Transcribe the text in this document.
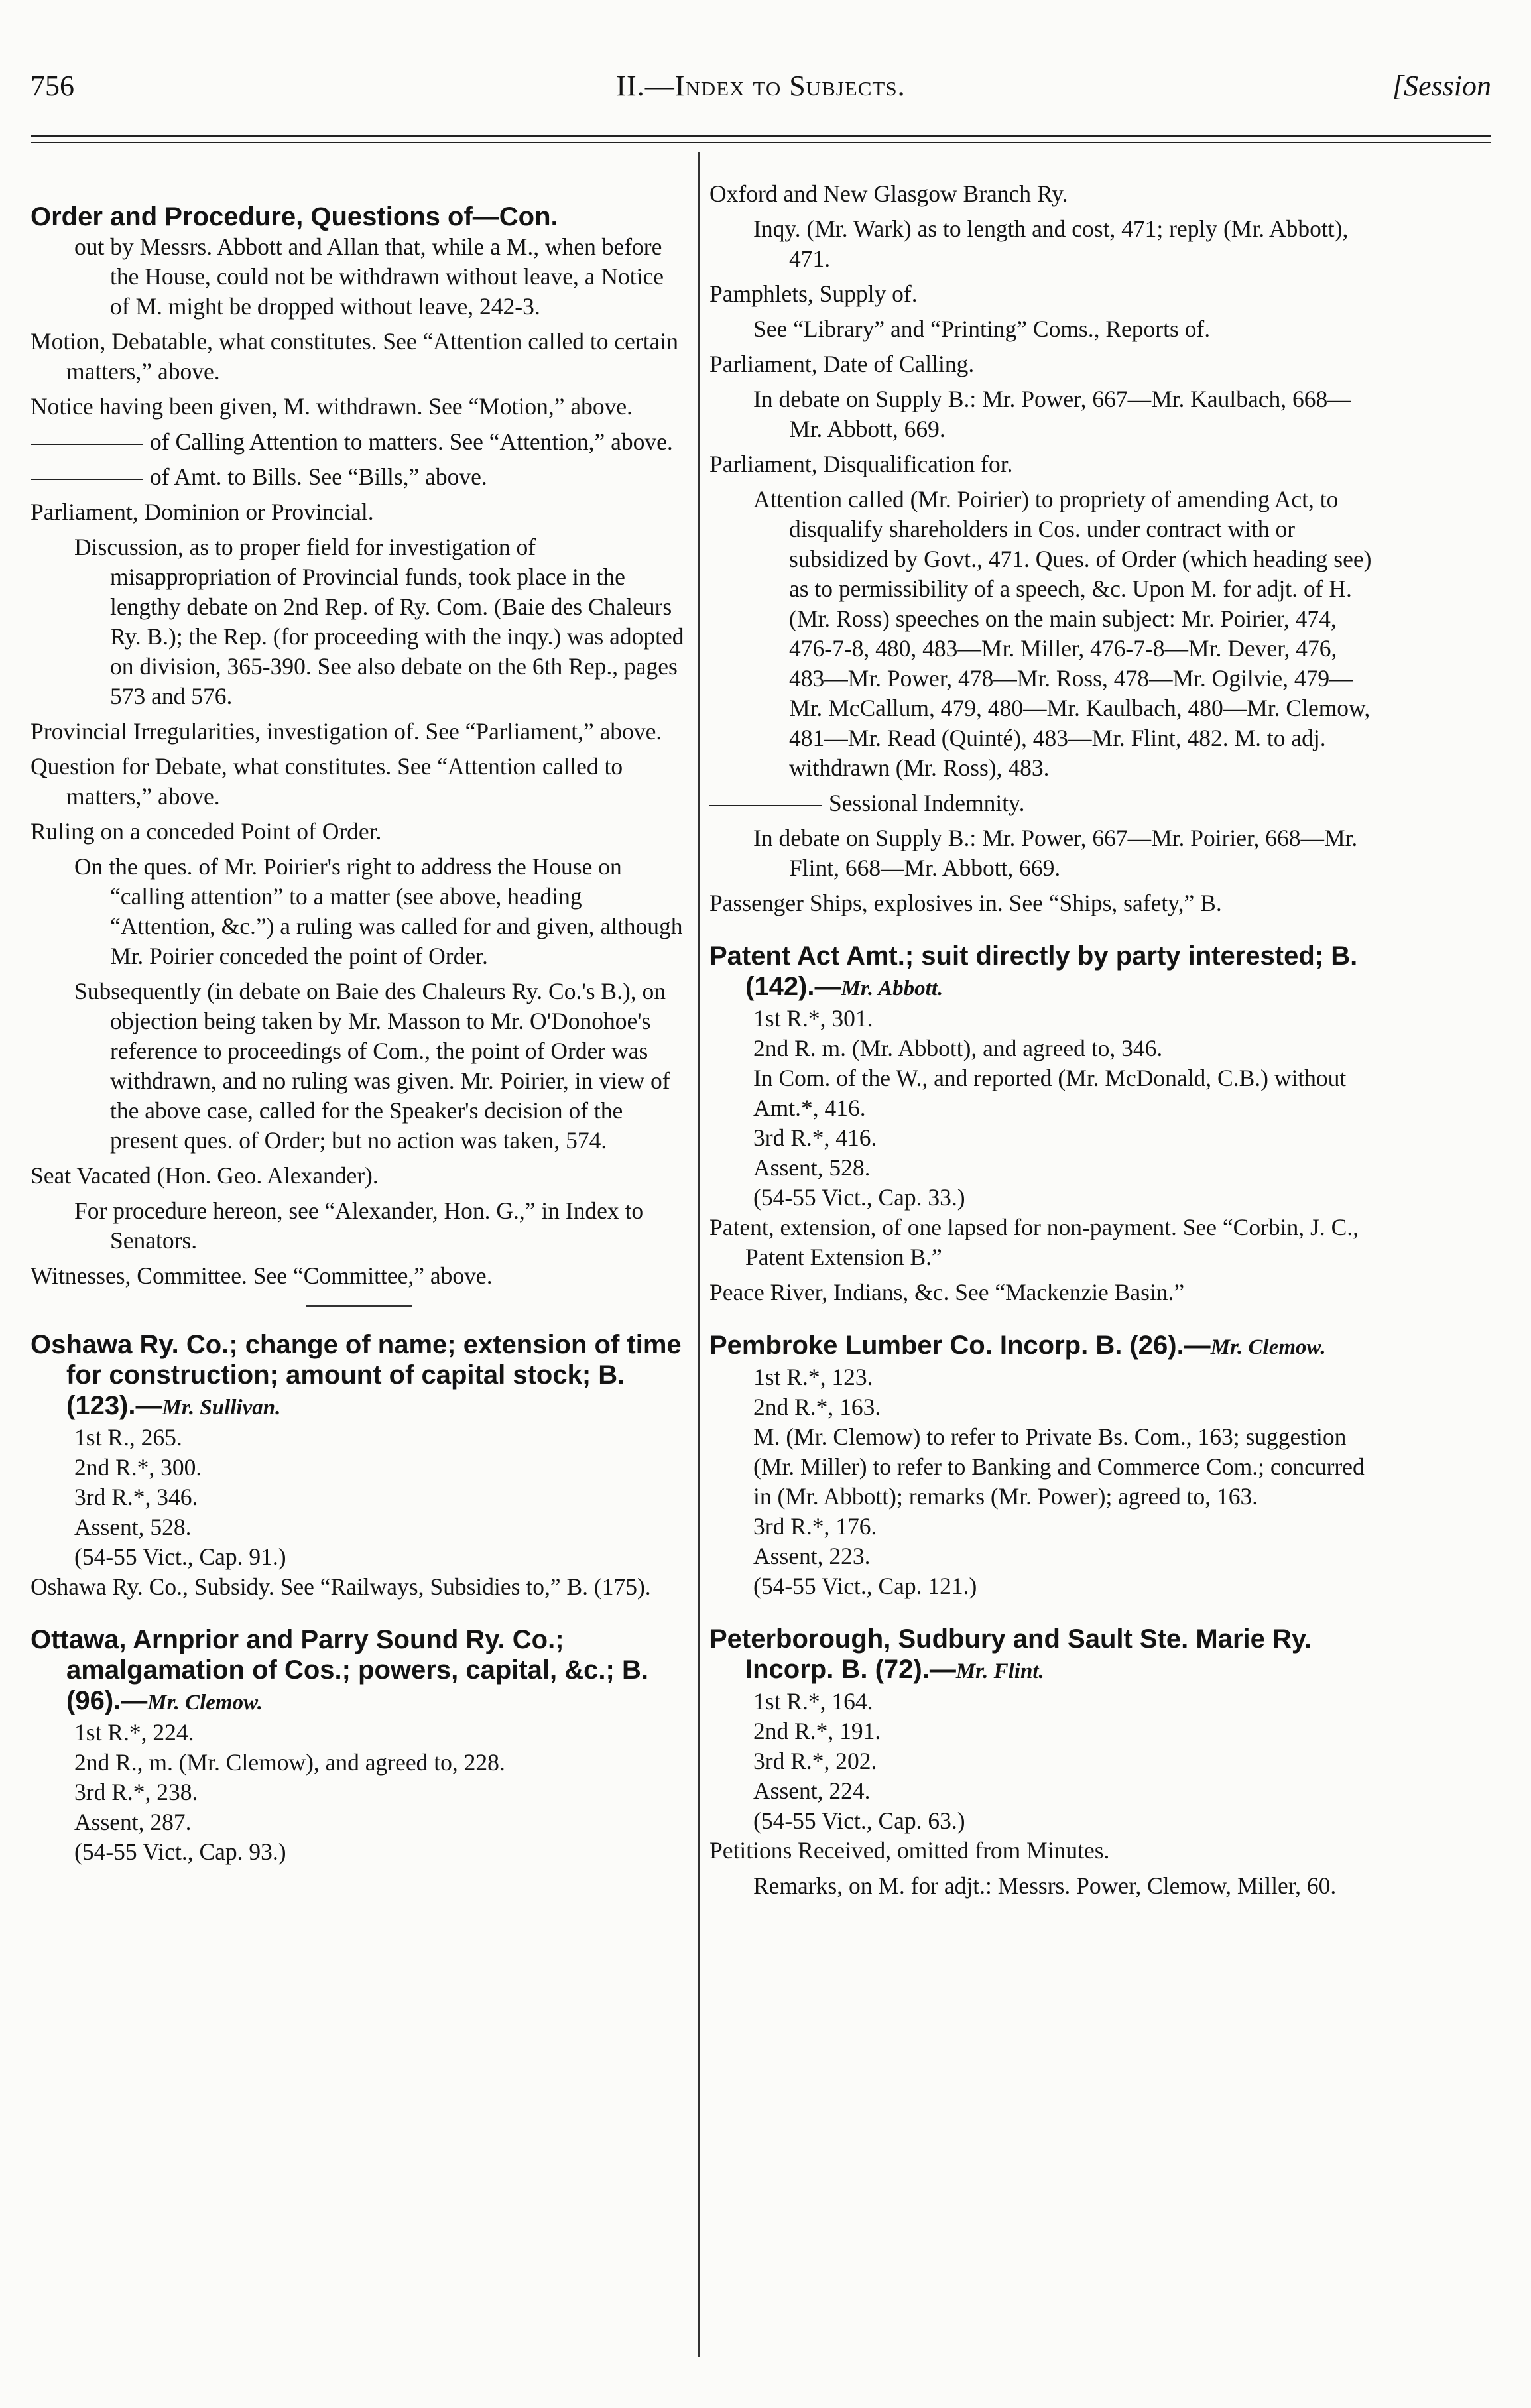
756	II.—Index to Subjects.	[Session
Order and Procedure, Questions of—Con.
out by Messrs. Abbott and Allan that, while a M., when before the House, could not be withdrawn without leave, a Notice of M. might be dropped without leave, 242-3.
Motion, Debatable, what constitutes. See “Attention called to certain matters,” above.
Notice having been given, M. withdrawn. See “Motion,” above.
of Calling Attention to matters. See “Attention,” above.
of Amt. to Bills. See “Bills,” above.
Parliament, Dominion or Provincial.
Discussion, as to proper field for investigation of misappropriation of Provincial funds, took place in the lengthy debate on 2nd Rep. of Ry. Com. (Baie des Chaleurs Ry. B.); the Rep. (for proceeding with the inqy.) was adopted on division, 365-390. See also debate on the 6th Rep., pages 573 and 576.
Provincial Irregularities, investigation of. See “Parliament,” above.
Question for Debate, what constitutes. See “Attention called to matters,” above.
Ruling on a conceded Point of Order.
On the ques. of Mr. Poirier's right to address the House on “calling attention” to a matter (see above, heading “Attention, &c.”) a ruling was called for and given, although Mr. Poirier conceded the point of Order.
Subsequently (in debate on Baie des Chaleurs Ry. Co.'s B.), on objection being taken by Mr. Masson to Mr. O'Donohoe's reference to proceedings of Com., the point of Order was withdrawn, and no ruling was given. Mr. Poirier, in view of the above case, called for the Speaker's decision of the present ques. of Order; but no action was taken, 574.
Seat Vacated (Hon. Geo. Alexander).
For procedure hereon, see “Alexander, Hon. G.,” in Index to Senators.
Witnesses, Committee. See “Committee,” above.
Oshawa Ry. Co.; change of name; extension of time for construction; amount of capital stock; B. (123).—Mr. Sullivan.
1st R., 265.
2nd R.*, 300.
3rd R.*, 346.
Assent, 528.
(54-55 Vict., Cap. 91.)
Oshawa Ry. Co., Subsidy. See “Railways, Subsidies to,” B. (175).
Ottawa, Arnprior and Parry Sound Ry. Co.; amalgamation of Cos.; powers, capital, &c.; B. (96).—Mr. Clemow.
1st R.*, 224.
2nd R., m. (Mr. Clemow), and agreed to, 228.
3rd R.*, 238.
Assent, 287.
(54-55 Vict., Cap. 93.)
Oxford and New Glasgow Branch Ry.
Inqy. (Mr. Wark) as to length and cost, 471; reply (Mr. Abbott), 471.
Pamphlets, Supply of.
See “Library” and “Printing” Coms., Reports of.
Parliament, Date of Calling.
In debate on Supply B.: Mr. Power, 667—Mr. Kaulbach, 668—Mr. Abbott, 669.
Parliament, Disqualification for.
Attention called (Mr. Poirier) to propriety of amending Act, to disqualify shareholders in Cos. under contract with or subsidized by Govt., 471. Ques. of Order (which heading see) as to permissibility of a speech, &c. Upon M. for adjt. of H. (Mr. Ross) speeches on the main subject: Mr. Poirier, 474, 476-7-8, 480, 483—Mr. Miller, 476-7-8—Mr. Dever, 476, 483—Mr. Power, 478—Mr. Ross, 478—Mr. Ogilvie, 479—Mr. McCallum, 479, 480—Mr. Kaulbach, 480—Mr. Clemow, 481—Mr. Read (Quinté), 483—Mr. Flint, 482. M. to adj. withdrawn (Mr. Ross), 483.
Sessional Indemnity.
In debate on Supply B.: Mr. Power, 667—Mr. Poirier, 668—Mr. Flint, 668—Mr. Abbott, 669.
Passenger Ships, explosives in. See “Ships, safety,” B.
Patent Act Amt.; suit directly by party interested; B. (142).—Mr. Abbott.
1st R.*, 301.
2nd R. m. (Mr. Abbott), and agreed to, 346.
In Com. of the W., and reported (Mr. McDonald, C.B.) without Amt.*, 416.
3rd R.*, 416.
Assent, 528.
(54-55 Vict., Cap. 33.)
Patent, extension, of one lapsed for non-payment. See “Corbin, J. C., Patent Extension B.”
Peace River, Indians, &c. See “Mackenzie Basin.”
Pembroke Lumber Co. Incorp. B. (26).—Mr. Clemow.
1st R.*, 123.
2nd R.*, 163.
M. (Mr. Clemow) to refer to Private Bs. Com., 163; suggestion (Mr. Miller) to refer to Banking and Commerce Com.; concurred in (Mr. Abbott); remarks (Mr. Power); agreed to, 163.
3rd R.*, 176.
Assent, 223.
(54-55 Vict., Cap. 121.)
Peterborough, Sudbury and Sault Ste. Marie Ry. Incorp. B. (72).—Mr. Flint.
1st R.*, 164.
2nd R.*, 191.
3rd R.*, 202.
Assent, 224.
(54-55 Vict., Cap. 63.)
Petitions Received, omitted from Minutes.
Remarks, on M. for adjt.: Messrs. Power, Clemow, Miller, 60.
